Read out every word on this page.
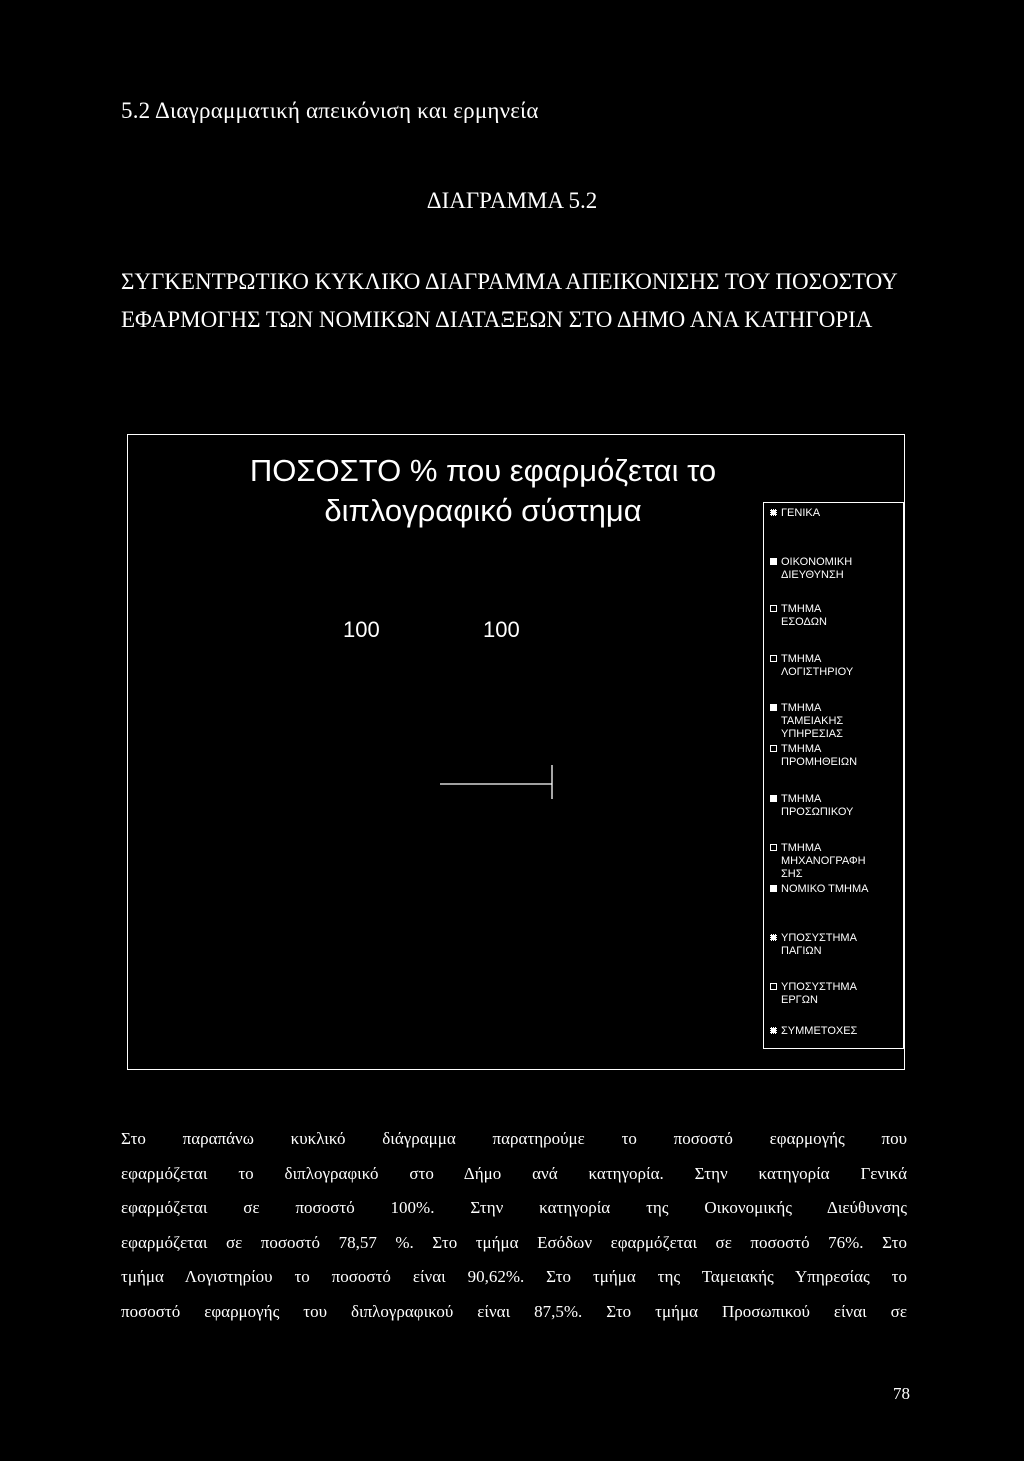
5.2 Διαγραμματική απεικόνιση και ερμηνεία
ΔΙΑΓΡΑΜΜΑ 5.2
ΣΥΓΚΕΝΤΡΩΤΙΚΟ ΚΥΚΛΙΚΟ ΔΙΑΓΡΑΜΜΑ ΑΠΕΙΚΟΝΙΣΗΣ ΤΟΥ ΠΟΣΟΣΤΟΥ ΕΦΑΡΜΟΓΗΣ ΤΩΝ ΝΟΜΙΚΩΝ ΔΙΑΤΑΞΕΩΝ ΣΤΟ ΔΗΜΟ ΑΝΑ ΚΑΤΗΓΟΡΙΑ
ΠΟΣΟΣΤΟ % που εφαρμόζεται το διπλογραφικό σύστημα
100	100
ΓΕΝΙΚΑ
ΟΙΚΟΝΟΜΙΚΗ
ΔΙΕΥΘΥΝΣΗ
ΤΜΗΜΑ
ΕΣΟΔΩΝ
ΤΜΗΜΑ
ΛΟΓΙΣΤΗΡΙΟΥ
ΤΜΗΜΑ
ΤΑΜΕΙΑΚΗΣ
ΥΠΗΡΕΣΙΑΣ
ΤΜΗΜΑ
ΠΡΟΜΗΘΕΙΩΝ
ΤΜΗΜΑ
ΠΡΟΣΩΠΙΚΟΥ
ΤΜΗΜΑ
ΜΗΧΑΝΟΓΡΑΦΗ
ΣΗΣ
ΝΟΜΙΚΟ ΤΜΗΜΑ
ΥΠΟΣΥΣΤΗΜΑ
ΠΑΓΙΩΝ
ΥΠΟΣΥΣΤΗΜΑ
ΕΡΓΩΝ
ΣΥΜΜΕΤΟΧΕΣ

Στο παραπάνω κυκλικό διάγραμμα παρατηρούμε το ποσοστό εφαρμογής που

εφαρμόζεται το διπλογραφικό στο Δήμο ανά κατηγορία. Στην κατηγορία Γενικά

εφαρμόζεται σε ποσοστό 100%. Στην κατηγορία της Οικονομικής Διεύθυνσης

εφαρμόζεται σε ποσοστό 78,57 %. Στο τμήμα Εσόδων εφαρμόζεται σε ποσοστό 76%. Στο

τμήμα Λογιστηρίου το ποσοστό είναι 90,62%. Στο τμήμα της Ταμειακής Υπηρεσίας το

ποσοστό εφαρμογής του διπλογραφικού είναι 87,5%. Στο τμήμα Προσωπικού είναι σε

78
